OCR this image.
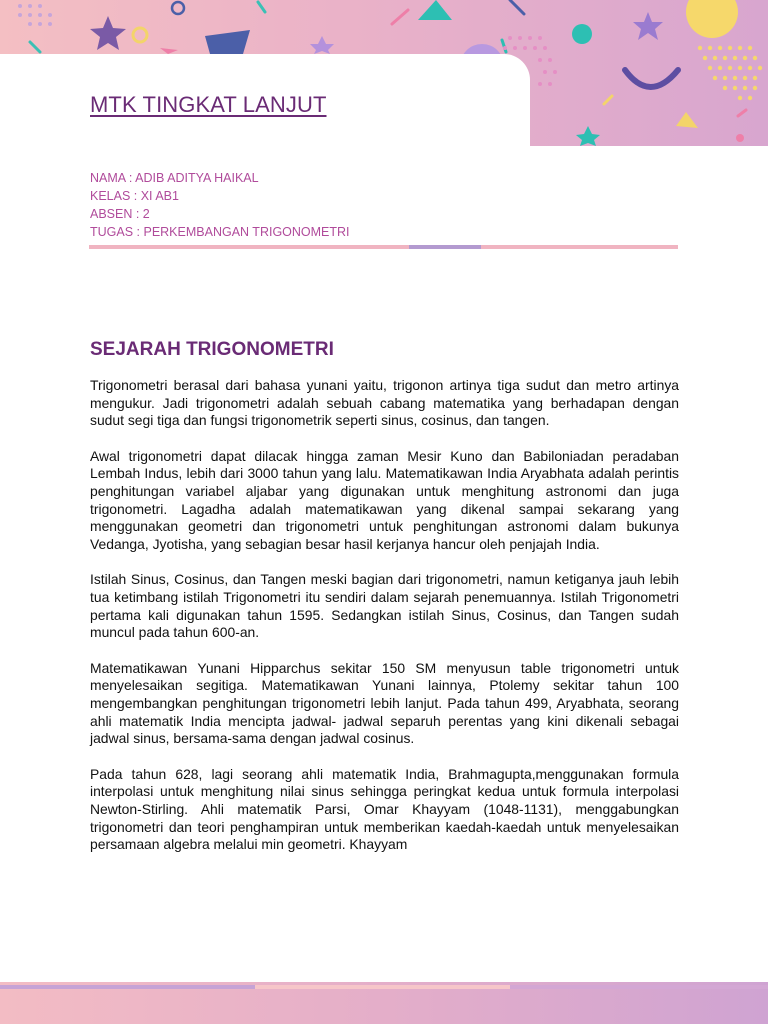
MTK TINGKAT LANJUT
NAMA : ADIB ADITYA HAIKAL
KELAS : XI AB1
ABSEN : 2
TUGAS : PERKEMBANGAN TRIGONOMETRI
SEJARAH TRIGONOMETRI

Trigonometri berasal dari bahasa yunani yaitu, trigonon artinya tiga sudut dan metro artinya mengukur. Jadi trigonometri adalah sebuah cabang matematika yang berhadapan dengan sudut segi tiga dan fungsi trigonometrik seperti sinus, cosinus, dan tangen.

Awal trigonometri dapat dilacak hingga zaman Mesir Kuno dan Babiloniadan peradaban Lembah Indus, lebih dari 3000 tahun yang lalu. Matematikawan India Aryabhata adalah perintis penghitungan variabel aljabar yang digunakan untuk menghitung astronomi dan juga trigonometri. Lagadha adalah matematikawan yang dikenal sampai sekarang yang menggunakan geometri dan trigonometri untuk penghitungan astronomi dalam bukunya Vedanga, Jyotisha, yang sebagian besar hasil kerjanya hancur oleh penjajah India.

Istilah Sinus, Cosinus, dan Tangen meski bagian dari trigonometri, namun ketiganya jauh lebih tua ketimbang istilah Trigonometri itu sendiri dalam sejarah penemuannya. Istilah Trigonometri pertama kali digunakan tahun 1595. Sedangkan istilah Sinus, Cosinus, dan Tangen sudah muncul pada tahun 600-an.

Matematikawan Yunani Hipparchus sekitar 150 SM menyusun table trigonometri untuk menyelesaikan segitiga. Matematikawan Yunani lainnya, Ptolemy sekitar tahun 100 mengembangkan penghitungan trigonometri lebih lanjut. Pada tahun 499, Aryabhata, seorang ahli matematik India mencipta jadwal- jadwal separuh perentas yang kini dikenali sebagai jadwal sinus, bersama-sama dengan jadwal cosinus.

Pada tahun 628, lagi seorang ahli matematik India, Brahmagupta,menggunakan formula interpolasi untuk menghitung nilai sinus sehingga peringkat kedua untuk formula interpolasi Newton-Stirling. Ahli matematik Parsi, Omar Khayyam (1048-1131), menggabungkan trigonometri dan teori penghampiran untuk memberikan kaedah-kaedah untuk menyelesaikan persamaan algebra melalui min geometri. Khayyam
